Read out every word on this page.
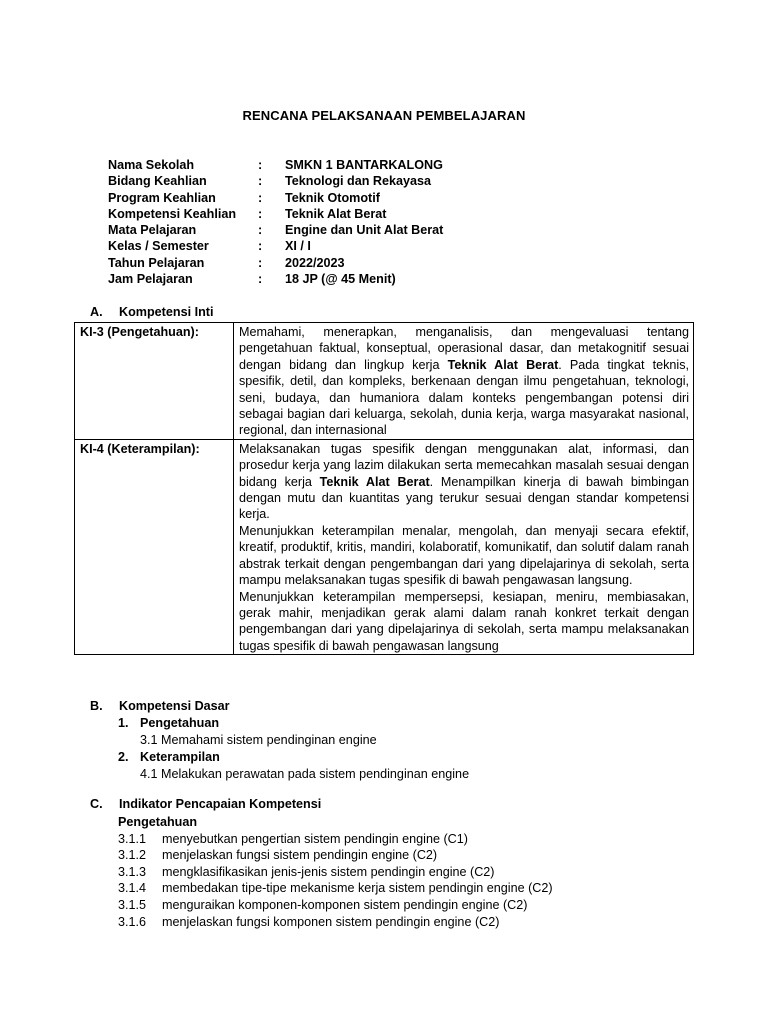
RENCANA PELAKSANAAN PEMBELAJARAN
Nama Sekolah	: SMKN 1 BANTARKALONG
Bidang Keahlian	: Teknologi dan Rekayasa
Program Keahlian	: Teknik Otomotif
Kompetensi Keahlian : Teknik Alat Berat
Mata Pelajaran	: Engine dan Unit Alat Berat
Kelas / Semester	: XI / I
Tahun Pelajaran	: 2022/2023
Jam Pelajaran	: 18 JP (@ 45 Menit)
A. Kompetensi Inti
KI-3 (Pengetahuan):	Memahami, menerapkan, menganalisis, dan mengevaluasi tentang pengetahuan faktual, konseptual, operasional dasar, dan metakognitif sesuai dengan bidang dan lingkup kerja Teknik Alat Berat. Pada tingkat teknis, spesifik, detil, dan kompleks, berkenaan dengan ilmu pengetahuan, teknologi, seni, budaya, dan humaniora dalam konteks pengembangan potensi diri sebagai bagian dari keluarga, sekolah, dunia kerja, warga masyarakat nasional, regional, dan internasional
KI-4 (Keterampilan):	Melaksanakan tugas spesifik dengan menggunakan alat, informasi, dan prosedur kerja yang lazim dilakukan serta memecahkan masalah sesuai dengan bidang kerja Teknik Alat Berat. Menampilkan kinerja di bawah bimbingan dengan mutu dan kuantitas yang terukur sesuai dengan standar kompetensi kerja.

Menunjukkan keterampilan menalar, mengolah, dan menyaji secara efektif, kreatif, produktif, kritis, mandiri, kolaboratif, komunikatif, dan solutif dalam ranah abstrak terkait dengan pengembangan dari yang dipelajarinya di sekolah, serta mampu melaksanakan tugas spesifik di bawah pengawasan langsung.

Menunjukkan keterampilan mempersepsi, kesiapan, meniru, membiasakan, gerak mahir, menjadikan gerak alami dalam ranah konkret terkait dengan pengembangan dari yang dipelajarinya di sekolah, serta mampu melaksanakan tugas spesifik di bawah pengawasan langsung

B. Kompetensi Dasar
1. Pengetahuan
3.1 Memahami sistem pendinginan engine
2. Keterampilan
4.1 Melakukan perawatan pada sistem pendinginan engine
C. Indikator Pencapaian Kompetensi
Pengetahuan
3.1.1 menyebutkan pengertian sistem pendingin engine (C1)
3.1.2 menjelaskan fungsi sistem pendingin engine (C2)
3.1.3 mengklasifikasikan jenis-jenis sistem pendingin engine (C2)
3.1.4 membedakan tipe-tipe mekanisme kerja sistem pendingin engine (C2)
3.1.5 menguraikan komponen-komponen sistem pendingin engine (C2)
3.1.6 menjelaskan fungsi komponen sistem pendingin engine (C2)
